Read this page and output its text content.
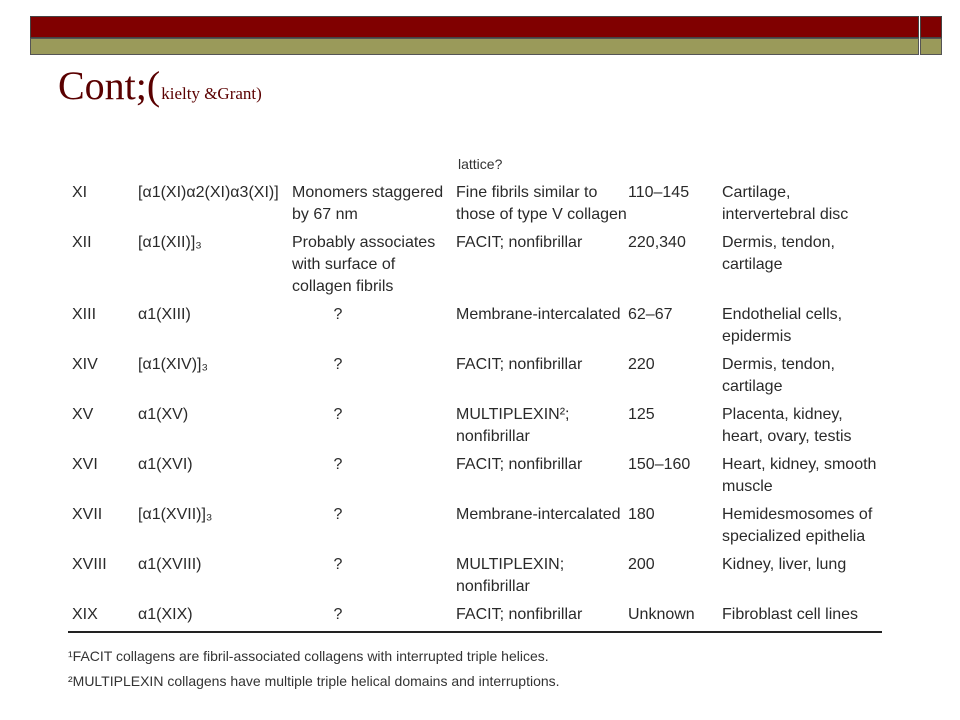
Cont;(kielty &Grant)
lattice?
XI	[α1(XI)α2(XI)α3(XI)]	Monomers staggered by 67 nm	Fine fibrils similar to those of type V collagen	110–145	Cartilage, intervertebral disc
XII	[α1(XII)]₃	Probably associates with surface of collagen fibrils	FACIT; nonfibrillar	220,340	Dermis, tendon, cartilage
XIII	α1(XIII)	?	Membrane-intercalated	62–67	Endothelial cells, epidermis
XIV	[α1(XIV)]₃	?	FACIT; nonfibrillar	220	Dermis, tendon, cartilage
XV	α1(XV)	?	MULTIPLEXIN²; nonfibrillar	125	Placenta, kidney, heart, ovary, testis
XVI	α1(XVI)	?	FACIT; nonfibrillar	150–160	Heart, kidney, smooth muscle
XVII	[α1(XVII)]₃	?	Membrane-intercalated	180	Hemidesmosomes of specialized epithelia
XVIII	α1(XVIII)	?	MULTIPLEXIN; nonfibrillar	200	Kidney, liver, lung
XIX	α1(XIX)	?	FACIT; nonfibrillar	Unknown	Fibroblast cell lines
¹FACIT collagens are fibril-associated collagens with interrupted triple helices.
²MULTIPLEXIN collagens have multiple triple helical domains and interruptions.
